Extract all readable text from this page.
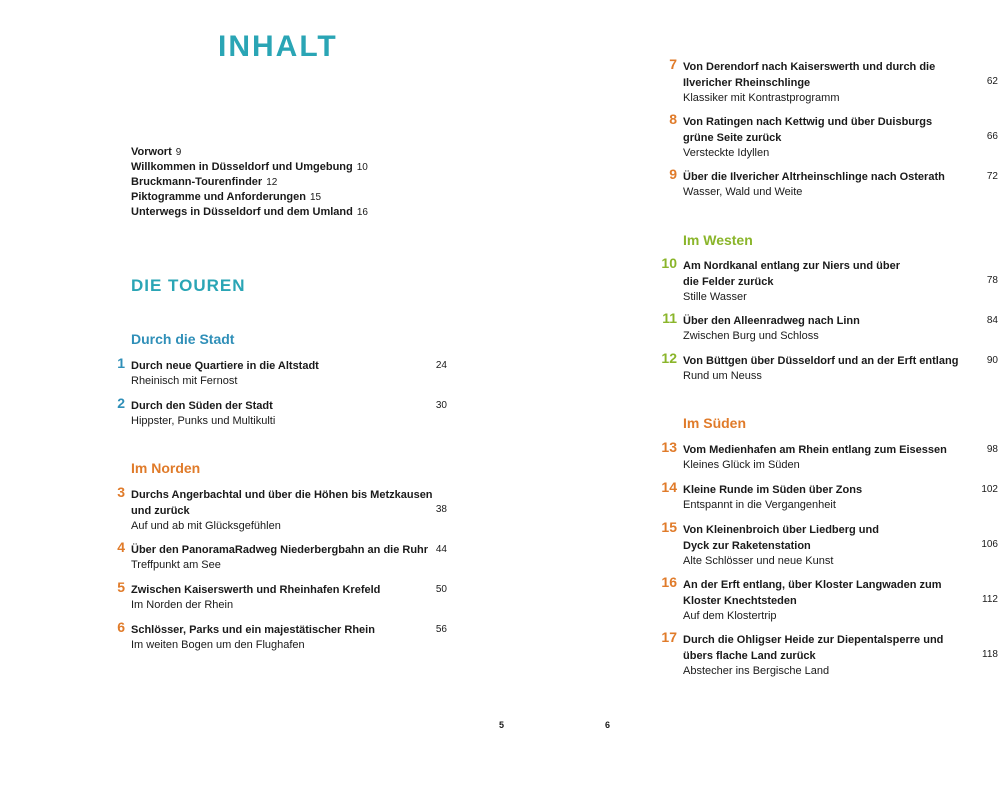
INHALT
Vorwort 9
Willkommen in Düsseldorf und Umgebung 10
Bruckmann-Tourenfinder 12
Piktogramme und Anforderungen 15
Unterwegs in Düsseldorf und dem Umland 16
DIE TOUREN
Durch die Stadt
1 Durch neue Quartiere in die Altstadt
Rheinisch mit Fernost
24
2 Durch den Süden der Stadt
Hippster, Punks und Multikulti
30
Im Norden
3 Durchs Angerbachtal und über die Höhen bis Metzkausen
und zurück
Auf und ab mit Glücksgefühlen
38
4 Über den PanoramaRadweg Niederbergbahn an die Ruhr
Treffpunkt am See
44
5 Zwischen Kaiserswerth und Rheinhafen Krefeld
Im Norden der Rhein
50
6 Schlösser, Parks und ein majestätischer Rhein
Im weiten Bogen um den Flughafen
56
7 Von Derendorf nach Kaiserswerth und durch die
Ilvericher Rheinschlinge
Klassiker mit Kontrastprogramm
62
8 Von Ratingen nach Kettwig und über Duisburgs
grüne Seite zurück
Versteckte Idyllen
66
9 Über die Ilvericher Altrheinschlinge nach Osterath
Wasser, Wald und Weite
72
Im Westen
10 Am Nordkanal entlang zur Niers und über
die Felder zurück
Stille Wasser
78
11 Über den Alleenradweg nach Linn
Zwischen Burg und Schloss
84
12 Von Büttgen über Düsseldorf und an der Erft entlang
Rund um Neuss
90
Im Süden
13 Vom Medienhafen am Rhein entlang zum Eisessen
Kleines Glück im Süden
98
14 Kleine Runde im Süden über Zons
Entspannt in die Vergangenheit
102
15 Von Kleinenbroich über Liedberg und
Dyck zur Raketenstation
Alte Schlösser und neue Kunst
106
16 An der Erft entlang, über Kloster Langwaden zum
Kloster Knechtsteden
Auf dem Klostertrip
112
17 Durch die Ohligser Heide zur Diepentalsperre und
übers flache Land zurück
Abstecher ins Bergische Land
118
5	6
